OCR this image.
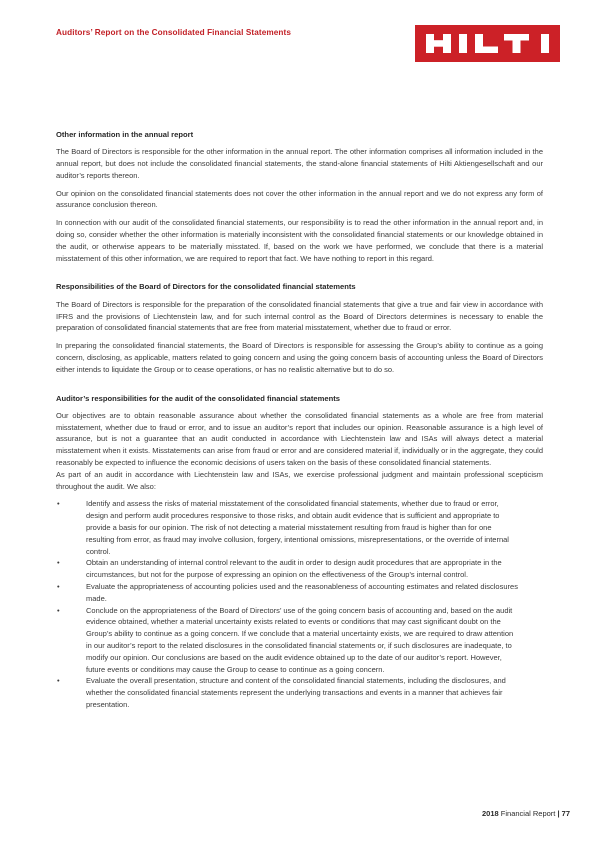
Auditors’ Report on the Consolidated Financial Statements
Other information in the annual report

The Board of Directors is responsible for the other information in the annual report. The other information comprises all information included in the annual report, but does not include the consolidated financial statements, the stand-alone financial statements of Hilti Aktiengesellschaft and our auditor’s reports thereon.

Our opinion on the consolidated financial statements does not cover the other information in the annual report and we do not express any form of assurance conclusion thereon.

In connection with our audit of the consolidated financial statements, our responsibility is to read the other information in the annual report and, in doing so, consider whether the other information is materially inconsistent with the consolidated financial statements or our knowledge obtained in the audit, or otherwise appears to be materially misstated. If, based on the work we have performed, we conclude that there is a material misstatement of this other information, we are required to report that fact. We have nothing to report in this regard.

Responsibilities of the Board of Directors for the consolidated financial statements

The Board of Directors is responsible for the preparation of the consolidated financial statements that give a true and fair view in accordance with IFRS and the provisions of Liechtenstein law, and for such internal control as the Board of Directors determines is necessary to enable the preparation of consolidated financial statements that are free from material misstatement, whether due to fraud or error.

In preparing the consolidated financial statements, the Board of Directors is responsible for assessing the Group’s ability to continue as a going concern, disclosing, as applicable, matters related to going concern and using the going concern basis of accounting unless the Board of Directors either intends to liquidate the Group or to cease operations, or has no realistic alternative but to do so.

Auditor’s responsibilities for the audit of the consolidated financial statements

Our objectives are to obtain reasonable assurance about whether the consolidated financial statements as a whole are free from material misstatement, whether due to fraud or error, and to issue an auditor’s report that includes our opinion. Reasonable assurance is a high level of assurance, but is not a guarantee that an audit conducted in accordance with Liechtenstein law and ISAs will always detect a material misstatement when it exists. Misstatements can arise from fraud or error and are considered material if, individually or in the aggregate, they could reasonably be expected to influence the economic decisions of users taken on the basis of these consolidated financial statements.

As part of an audit in accordance with Liechtenstein law and ISAs, we exercise professional judgment and maintain professional scepticism throughout the audit. We also:

•	Identify and assess the risks of material misstatement of the consolidated financial statements, whether due to fraud or error, design and perform audit procedures responsive to those risks, and obtain audit evidence that is sufficient and appropriate to provide a basis for our opinion. The risk of not detecting a material misstatement resulting from fraud is higher than for one resulting from error, as fraud may involve collusion, forgery, intentional omissions, misrepresentations, or the override of internal control.
•	Obtain an understanding of internal control relevant to the audit in order to design audit procedures that are appropriate in the circumstances, but not for the purpose of expressing an opinion on the effectiveness of the Group’s internal control.
•	Evaluate the appropriateness of accounting policies used and the reasonableness of accounting estimates and related disclosures made.
•	Conclude on the appropriateness of the Board of Directors’ use of the going concern basis of accounting and, based on the audit evidence obtained, whether a material uncertainty exists related to events or conditions that may cast significant doubt on the Group’s ability to continue as a going concern. If we conclude that a material uncertainty exists, we are required to draw attention in our auditor’s report to the related disclosures in the consolidated financial statements or, if such disclosures are inadequate, to modify our opinion. Our conclusions are based on the audit evidence obtained up to the date of our auditor’s report. However, future events or conditions may cause the Group to cease to continue as a going concern.
•	Evaluate the overall presentation, structure and content of the consolidated financial statements, including the disclosures, and whether the consolidated financial statements represent the underlying transactions and events in a manner that achieves fair presentation.
2018 Financial Report | 77
